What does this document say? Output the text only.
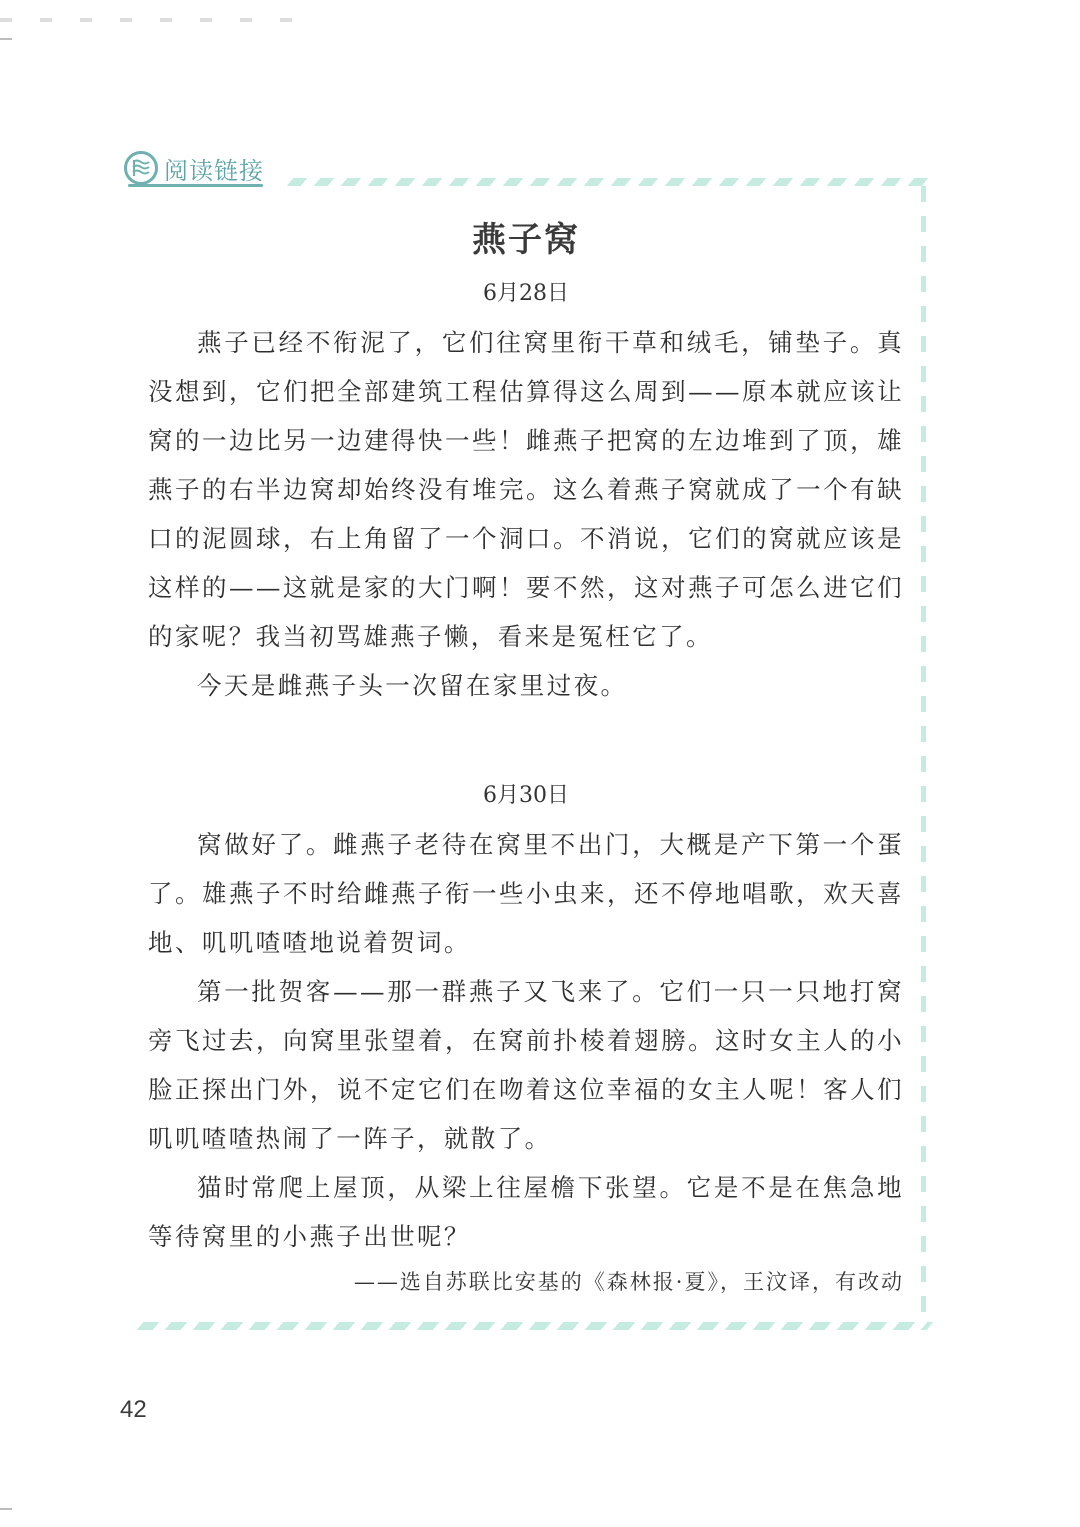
阅读链接
燕子窝

6月28日

燕子已经不衔泥了，它们往窝里衔干草和绒毛，铺垫子。真没想到，它们把全部建筑工程估算得这么周到——原本就应该让窝的一边比另一边建得快一些！雌燕子把窝的左边堆到了顶，雄燕子的右半边窝却始终没有堆完。这么着燕子窝就成了一个有缺口的泥圆球，右上角留了一个洞口。不消说，它们的窝就应该是这样的——这就是家的大门啊！要不然，这对燕子可怎么进它们的家呢？我当初骂雄燕子懒，看来是冤枉它了。

今天是雌燕子头一次留在家里过夜。

6月30日

窝做好了。雌燕子老待在窝里不出门，大概是产下第一个蛋了。雄燕子不时给雌燕子衔一些小虫来，还不停地唱歌，欢天喜地、叽叽喳喳地说着贺词。

第一批贺客——那一群燕子又飞来了。它们一只一只地打窝旁飞过去，向窝里张望着，在窝前扑棱着翅膀。这时女主人的小脸正探出门外，说不定它们在吻着这位幸福的女主人呢！客人们叽叽喳喳热闹了一阵子，就散了。

猫时常爬上屋顶，从梁上往屋檐下张望。它是不是在焦急地等待窝里的小燕子出世呢？

——选自苏联比安基的《森林报·夏》，王汶译，有改动

42
